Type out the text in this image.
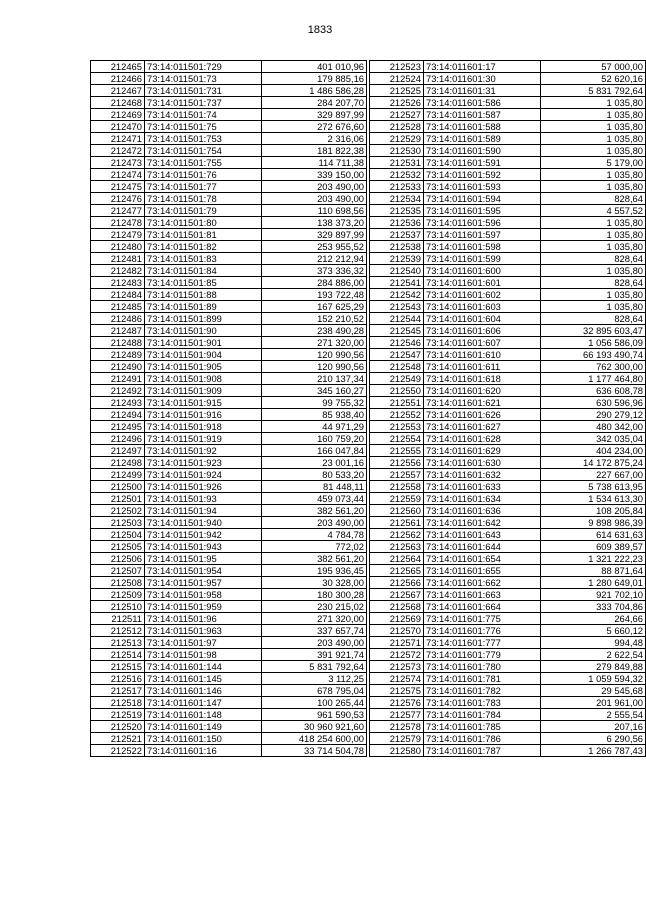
1833
212465	73:14:011501:729	401 010,96
212466	73:14:011501:73	179 885,16
212467	73:14:011501:731	1 486 586,28
212468	73:14:011501:737	284 207,70
212469	73:14:011501:74	329 897,99
212470	73:14:011501:75	272 676,60
212471	73:14:011501:753	2 316,06
212472	73:14:011501:754	181 822,38
212473	73:14:011501:755	114 711,38
212474	73:14:011501:76	339 150,00
212475	73:14:011501:77	203 490,00
212476	73:14:011501:78	203 490,00
212477	73:14:011501:79	110 698,56
212478	73:14:011501:80	138 373,20
212479	73:14:011501:81	329 897,99
212480	73:14:011501:82	253 955,52
212481	73:14:011501:83	212 212,94
212482	73:14:011501:84	373 336,32
212483	73:14:011501:85	284 886,00
212484	73:14:011501:88	193 722,48
212485	73:14:011501:89	167 625,29
212486	73:14:011501:899	152 210,52
212487	73:14:011501:90	238 490,28
212488	73:14:011501:901	271 320,00
212489	73:14:011501:904	120 990,56
212490	73:14:011501:905	120 990,56
212491	73:14:011501:908	210 137,34
212492	73:14:011501:909	345 160,27
212493	73:14:011501:915	99 755,32
212494	73:14:011501:916	85 938,40
212495	73:14:011501:918	44 971,29
212496	73:14:011501:919	160 759,20
212497	73:14:011501:92	166 047,84
212498	73:14:011501:923	23 001,16
212499	73:14:011501:924	80 533,20
212500	73:14:011501:926	81 448,11
212501	73:14:011501:93	459 073,44
212502	73:14:011501:94	382 561,20
212503	73:14:011501:940	203 490,00
212504	73:14:011501:942	4 784,78
212505	73:14:011501:943	772,02
212506	73:14:011501:95	382 561,20
212507	73:14:011501:954	195 936,45
212508	73:14:011501:957	30 328,00
212509	73:14:011501:958	180 300,28
212510	73:14:011501:959	230 215,02
212511	73:14:011501:96	271 320,00
212512	73:14:011501:963	337 657,74
212513	73:14:011501:97	203 490,00
212514	73:14:011501:98	391 921,74
212515	73:14:011601:144	5 831 792,64
212516	73:14:011601:145	3 112,25
212517	73:14:011601:146	678 795,04
212518	73:14:011601:147	100 265,44
212519	73:14:011601:148	961 590,53
212520	73:14:011601:149	30 960 921,60
212521	73:14:011601:150	418 254 600,00
212522	73:14:011601:16	33 714 504,78
212523	73:14:011601:17	57 000,00
212524	73:14:011601:30	52 620,16
212525	73:14:011601:31	5 831 792,64
212526	73:14:011601:586	1 035,80
212527	73:14:011601:587	1 035,80
212528	73:14:011601:588	1 035,80
212529	73:14:011601:589	1 035,80
212530	73:14:011601:590	1 035,80
212531	73:14:011601:591	5 179,00
212532	73:14:011601:592	1 035,80
212533	73:14:011601:593	1 035,80
212534	73:14:011601:594	828,64
212535	73:14:011601:595	4 557,52
212536	73:14:011601:596	1 035,80
212537	73:14:011601:597	1 035,80
212538	73:14:011601:598	1 035,80
212539	73:14:011601:599	828,64
212540	73:14:011601:600	1 035,80
212541	73:14:011601:601	828,64
212542	73:14:011601:602	1 035,80
212543	73:14:011601:603	1 035,80
212544	73:14:011601:604	828,64
212545	73:14:011601:606	32 895 603,47
212546	73:14:011601:607	1 056 586,09
212547	73:14:011601:610	66 193 490,74
212548	73:14:011601:611	762 300,00
212549	73:14:011601:618	1 177 464,80
212550	73:14:011601:620	636 608,78
212551	73:14:011601:621	630 596,96
212552	73:14:011601:626	290 279,12
212553	73:14:011601:627	480 342,00
212554	73:14:011601:628	342 035,04
212555	73:14:011601:629	404 234,00
212556	73:14:011601:630	14 172 875,24
212557	73:14:011601:632	227 667,00
212558	73:14:011601:633	5 738 613,95
212559	73:14:011601:634	1 534 613,30
212560	73:14:011601:636	108 205,84
212561	73:14:011601:642	9 898 986,39
212562	73:14:011601:643	614 631,63
212563	73:14:011601:644	609 389,57
212564	73:14:011601:654	1 321 222,23
212565	73:14:011601:655	88 871,64
212566	73:14:011601:662	1 280 649,01
212567	73:14:011601:663	921 702,10
212568	73:14:011601:664	333 704,86
212569	73:14:011601:775	264,66
212570	73:14:011601:776	5 660,12
212571	73:14:011601:777	994,48
212572	73:14:011601:779	2 622,54
212573	73:14:011601:780	279 849,88
212574	73:14:011601:781	1 059 594,32
212575	73:14:011601:782	29 545,68
212576	73:14:011601:783	201 961,00
212577	73:14:011601:784	2 555,54
212578	73:14:011601:785	207,16
212579	73:14:011601:786	6 290,56
212580	73:14:011601:787	1 266 787,43
